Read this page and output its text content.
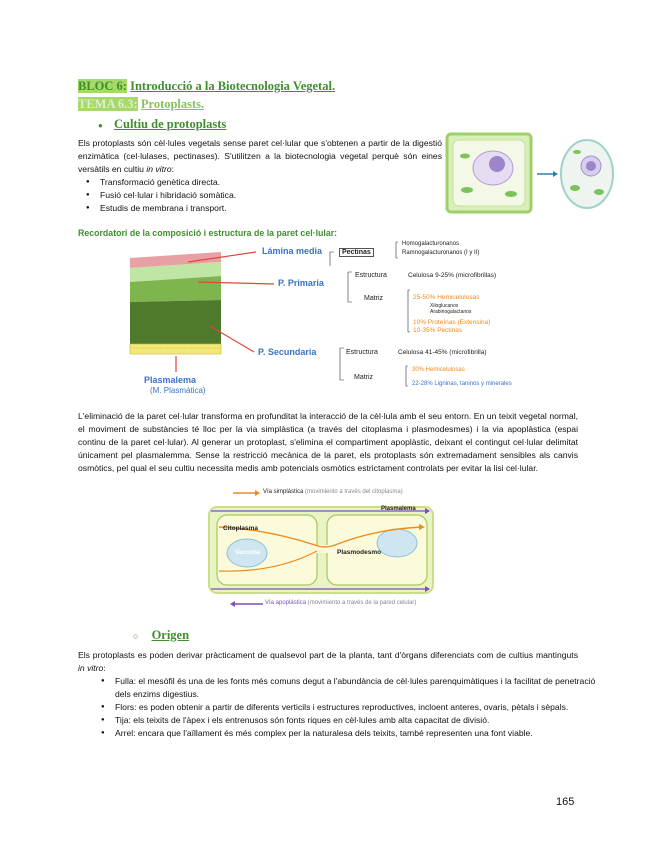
BLOC 6: Introducció a la Biotecnologia Vegetal.
TEMA 6.3: Protoplasts.
● Cultiu de protoplasts
Els protoplasts són cèl·lules vegetals sense paret cel·lular que s'obtenen a partir de la digestió enzimàtica (cel·lulases, pectinases). S'utilitzen a la biotecnologia vegetal perquè són eines versàtils en cultiu in vitro:
● Transformació genètica directa.
● Fusió cel·lular i hibridació somàtica.
● Estudis de membrana i transport.
Recordatori de la composició i estructura de la paret cel·lular:
Lámina media
P. Primaria
P. Secundaria
Plasmalema
(M. Plasmática)
Pectinas
Homogalacturonanos
Ramnogalacturonanos (I y II)
Estructura	Celulosa 9-25% (microfibrillas)
Matriz	25-50% Hemicelulosas
Xiloglucanos
Arabinogalactanos
10% Proteínas (Extensina)
10-35% Pectinas
Estructura	Celulosa 41-45% (microfibrilla)
Matriz
30% Hemicelulosas
22-28% Ligninas, taninos y minerales
L'eliminació de la paret cel·lular transforma en profunditat la interacció de la cèl·lula amb el seu entorn. En un teixit vegetal normal, el moviment de substàncies té lloc per la via simplàstica (a través del citoplasma i plasmodesmes) i la via apoplàstica (espai continu de la paret cel·lular). Al generar un protoplast, s'elimina el compartiment apoplàstic, deixant el contingut cel·lular delimitat únicament pel plasmalemma. Sense la restricció mecànica de la paret, els protoplasts són extremadament sensibles als canvis osmòtics, pel qual el seu cultiu necessita medis amb potencials osmòtics estrictament controlats per evitar la lisi cel·lular.
Vía simplástica (movimiento a través del citoplasma)
Vía apoplástica (movimiento a través de la pared celular)
Citoplasma
Vacuola	Plasmodesmo
Plasmalema
○ Origen
Els protoplasts es poden derivar pràcticament de qualsevol part de la planta, tant d'òrgans diferenciats com de cultius mantinguts in vitro:
● Fulla: el mesòfil és una de les fonts més comuns degut a l'abundància de cèl·lules parenquimàtiques i la facilitat de penetració dels enzims digestius.
● Flors: es poden obtenir a partir de diferents verticils i estructures reproductives, incloent anteres, ovaris, pètals i sèpals.
● Tija: els teixits de l'àpex i els entrenusos són fonts riques en cèl·lules amb alta capacitat de divisió.
● Arrel: encara que l'aïllament és més complex per la naturalesa dels teixits, també representen una font viable.
165
